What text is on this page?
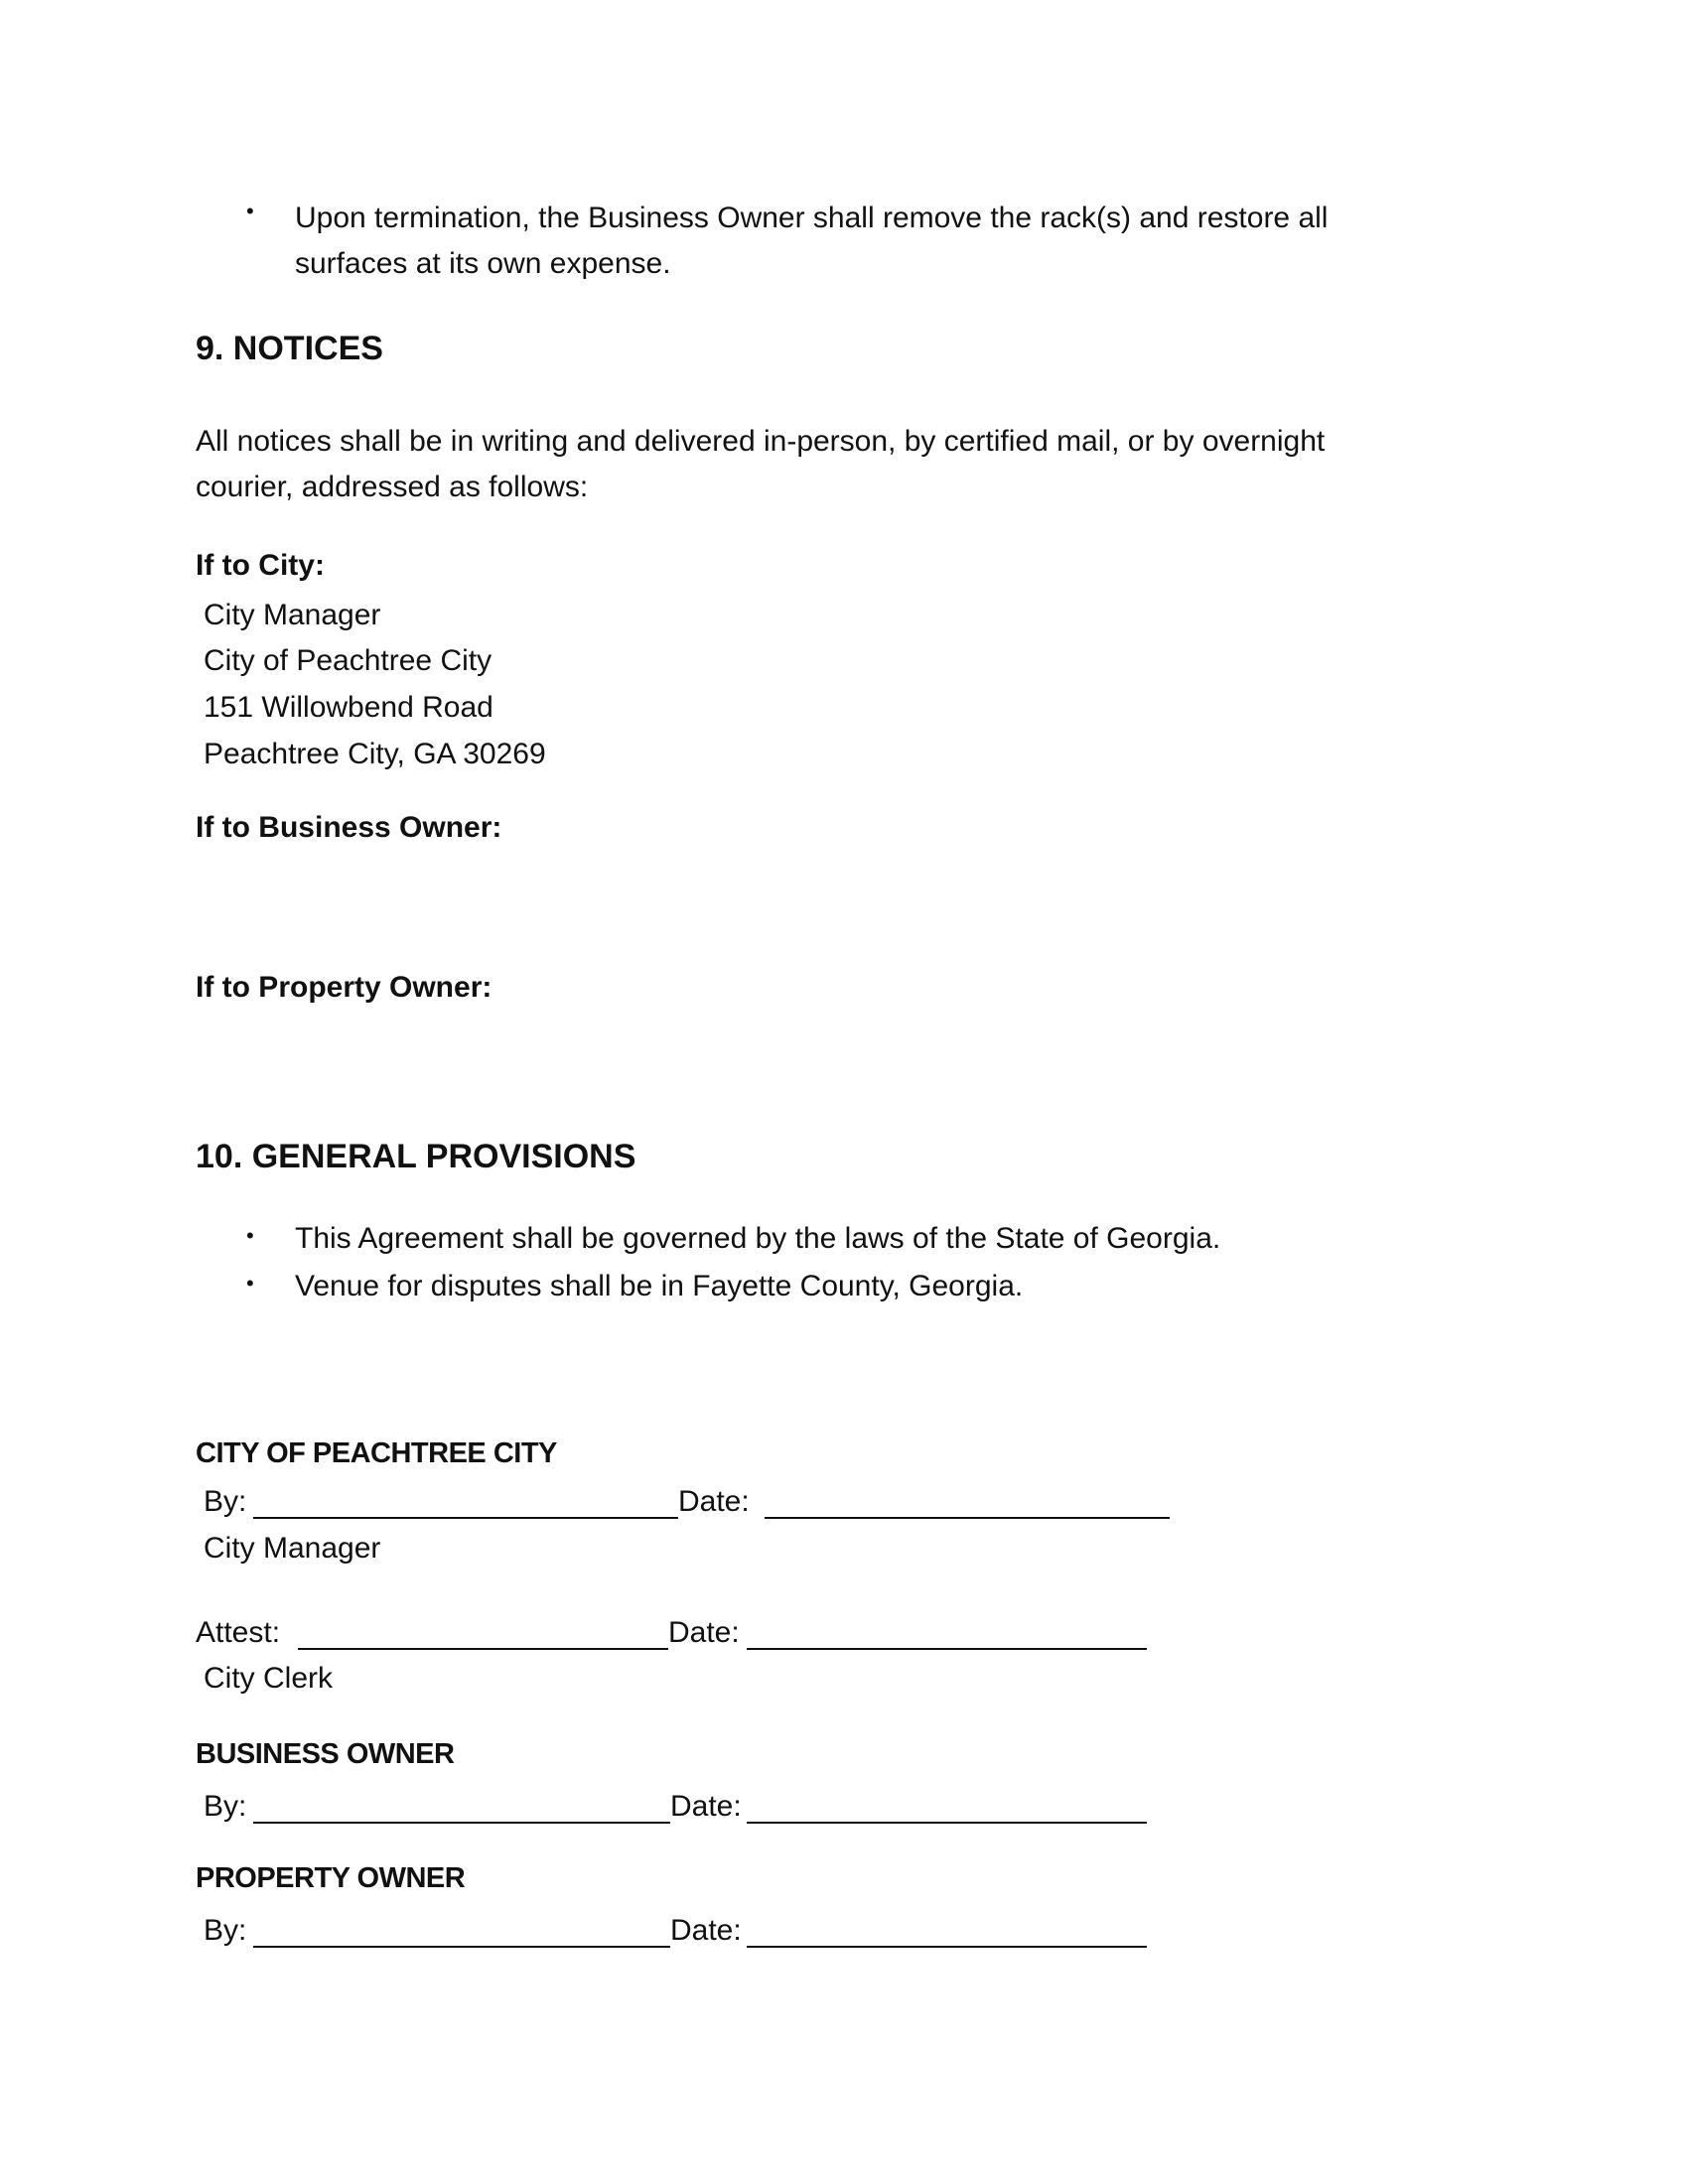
• Upon termination, the Business Owner shall remove the rack(s) and restore all
surfaces at its own expense.
9. NOTICES
All notices shall be in writing and delivered in-person, by certified mail, or by overnight
courier, addressed as follows:
If to City:
City Manager
City of Peachtree City
151 Willowbend Road
Peachtree City, GA 30269
If to Business Owner:
If to Property Owner:
10. GENERAL PROVISIONS
• This Agreement shall be governed by the laws of the State of Georgia.
• Venue for disputes shall be in Fayette County, Georgia.
CITY OF PEACHTREE CITY
By:	Date:
City Manager
Attest:	Date:
City Clerk
BUSINESS OWNER
By:	Date:
PROPERTY OWNER
By:	Date:
